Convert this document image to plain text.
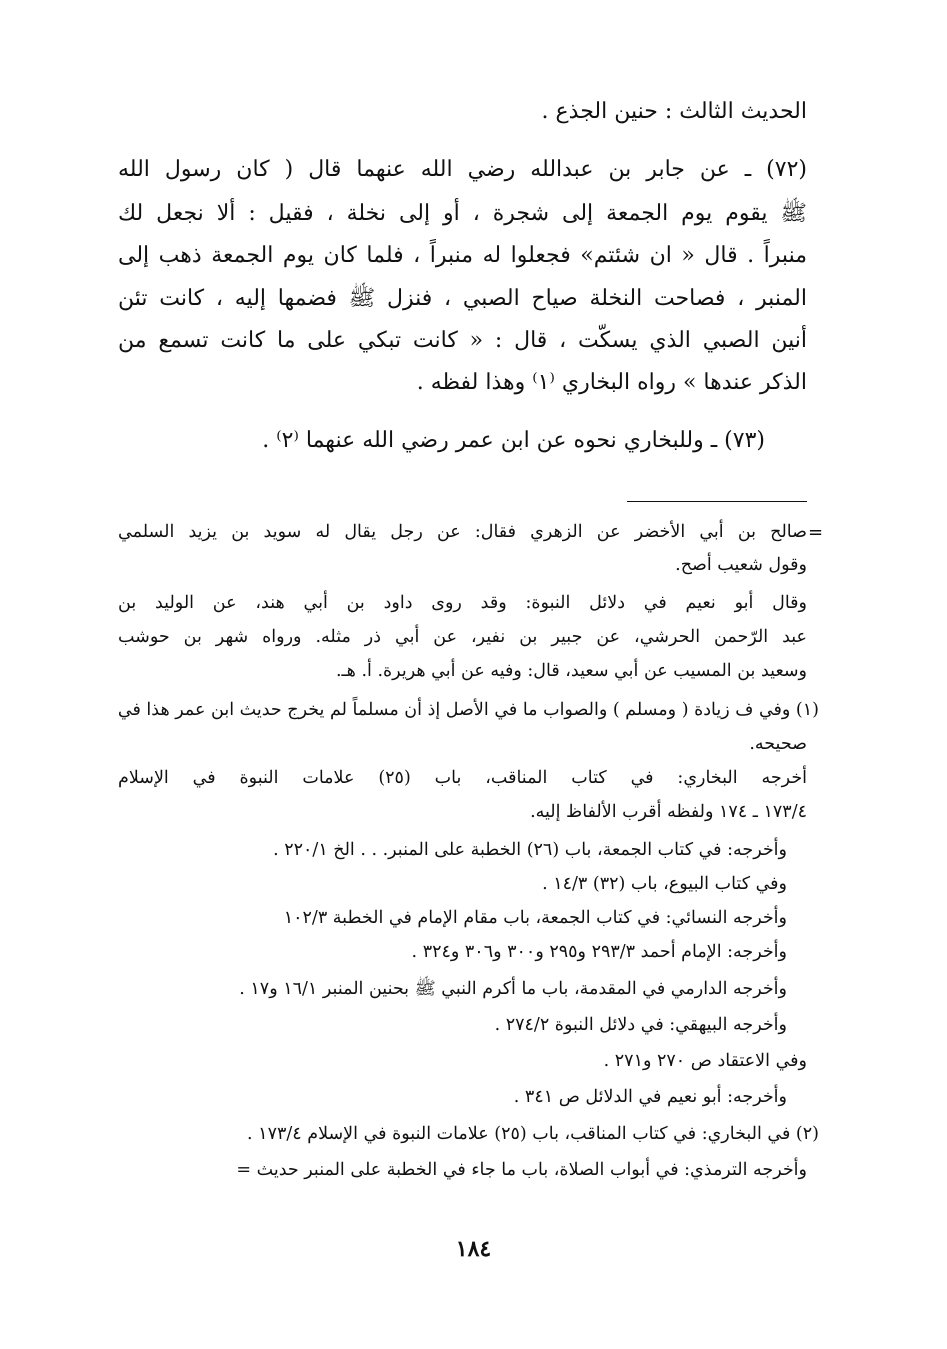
الحديث الثالث : حنين الجذع .
(٧٢) ـ عن جابر بن عبدالله رضي الله عنهما قال ( كان رسول الله
ﷺ يقوم يوم الجمعة إلى شجرة ، أو إلى نخلة ، فقيل : ألا نجعل لك
منبراً . قال « ان شئتم» فجعلوا له منبراً ، فلما كان يوم الجمعة ذهب إلى
المنبر ، فصاحت النخلة صياح الصبي ، فنزل ﷺ فضمها إليه ، كانت تئن
أنين الصبي الذي يسكّت ، قال : « كانت تبكي على ما كانت تسمع من
الذكر عندها » رواه البخاري ⁽١⁾ وهذا لفظه .
(٧٣) ـ وللبخاري نحوه عن ابن عمر رضي الله عنهما ⁽٢⁾ .
=
صالح بن أبي الأخضر عن الزهري فقال: عن رجل يقال له سويد بن يزيد السلمي
وقول شعيب أصح.
وقال أبو نعيم في دلائل النبوة: وقد روى داود بن أبي هند، عن الوليد بن
عبد الرّحمن الحرشي، عن جبير بن نفير، عن أبي ذر مثله. ورواه شهر بن حوشب
وسعيد بن المسيب عن أبي سعيد، قال: وفيه عن أبي هريرة. أ. هـ.
(١) وفي ف زيادة ( ومسلم ) والصواب ما في الأصل إذ أن مسلماً لم يخرج حديث ابن عمر هذا في
صحيحه.
أخرجه البخاري: في كتاب المناقب، باب (٢٥) علامات النبوة في الإسلام
١٧٣/٤ ـ ١٧٤ ولفظه أقرب الألفاظ إليه.
وأخرجه: في كتاب الجمعة، باب (٢٦) الخطبة على المنبر. . . الخ ٢٢٠/١ .
وفي كتاب البيوع، باب (٣٢) ١٤/٣ .
وأخرجه النسائي: في كتاب الجمعة، باب مقام الإمام في الخطبة ١٠٢/٣
وأخرجه: الإمام أحمد ٢٩٣/٣ و٢٩٥ و٣٠٠ و٣٠٦ و٣٢٤ .
وأخرجه الدارمي في المقدمة، باب ما أكرم النبي ﷺ بحنين المنبر ١٦/١ و١٧ .
وأخرجه البيهقي: في دلائل النبوة ٢٧٤/٢ .
وفي الاعتقاد ص ٢٧٠ و٢٧١ .
وأخرجه: أبو نعيم في الدلائل ص ٣٤١ .
(٢) في البخاري: في كتاب المناقب، باب (٢٥) علامات النبوة في الإسلام ١٧٣/٤ .
وأخرجه الترمذي: في أبواب الصلاة، باب ما جاء في الخطبة على المنبر حديث =
١٨٤
